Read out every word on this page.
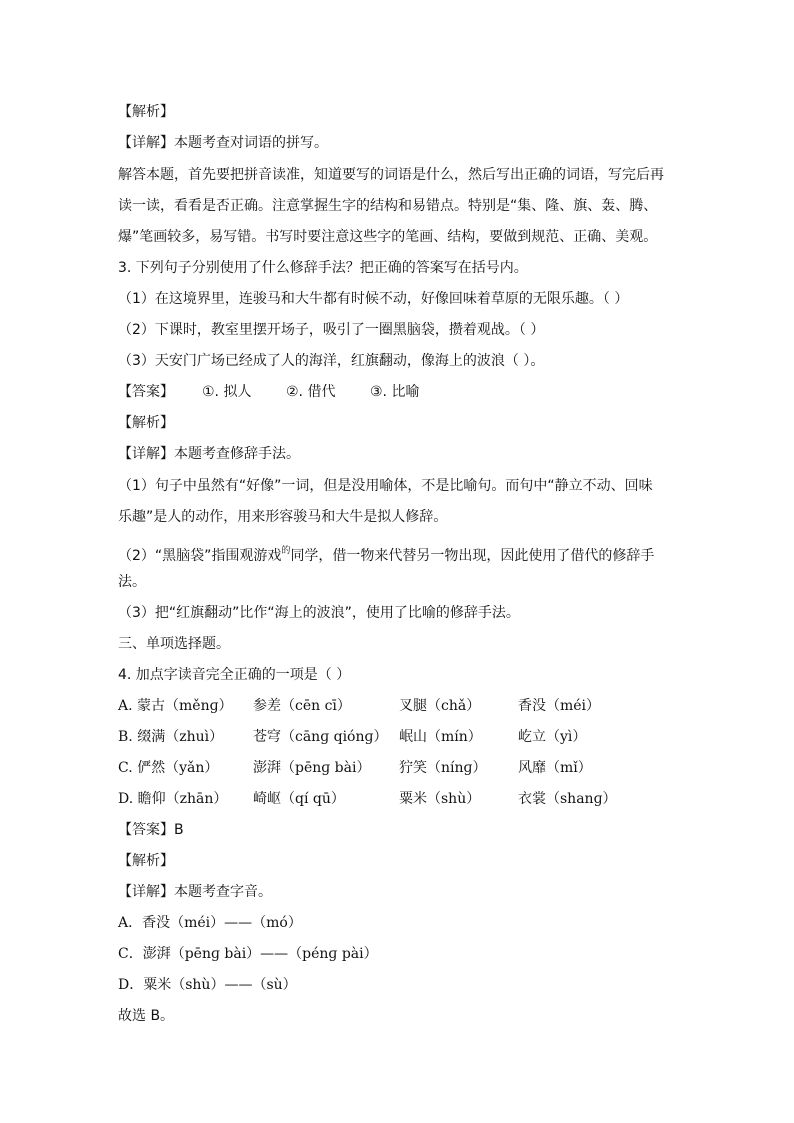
【解析】
【详解】本题考查对词语的拼写。
解答本题，首先要把拼音读准，知道要写的词语是什么，然后写出正确的词语，写完后再
读一读，看看是否正确。注意掌握生字的结构和易错点。特别是“集、隆、旗、轰、腾、
爆”笔画较多，易写错。书写时要注意这些字的笔画、结构，要做到规范、正确、美观。
3. 下列句子分别使用了什么修辞手法？把正确的答案写在括号内。
（1）在这境界里，连骏马和大牛都有时候不动，好像回味着草原的无限乐趣。（ ）
（2）下课时，教室里摆开场子，吸引了一圈黑脑袋，攒着观战。（ ）
（3）天安门广场已经成了人的海洋，红旗翻动，像海上的波浪（ ）。
【答案】 ①. 拟人 ②. 借代 ③. 比喻
【解析】
【详解】本题考查修辞手法。
（1）句子中虽然有“好像”一词，但是没用喻体，不是比喻句。而句中“静立不动、回味
乐趣”是人的动作，用来形容骏马和大牛是拟人修辞。
（2）“黑脑袋”指围观游戏$^的$同学，借一物来代替另一物出现，因此使用了借代的修辞手
法。
（3）把“红旗翻动”比作“海上的波浪”，使用了比喻的修辞手法。
三、单项选择题。
4. 加点字读音完全正确的一项是（ ）
A. 蒙古（měnɡ） 参差（cēn cī）	叉腿（chǎ）	香没（méi）
B. 缀满（zhuì） 苍穹（cānɡ qiónɡ） 岷山（mín）	屹立（yì）
C. 俨然（yǎn） 澎湃（pēnɡ bài） 狞笑（nínɡ） 风靡（mǐ）
D. 瞻仰（zhān） 崎岖（qí qū）	粟米（shù）	衣裳（shanɡ）
【答案】B
【解析】
【详解】本题考查字音。
A．香没（méi）——（mó）
C．澎湃（pēnɡ bài）——（pénɡ pài）
D．粟米（shù）——（sù）
故选 B。
